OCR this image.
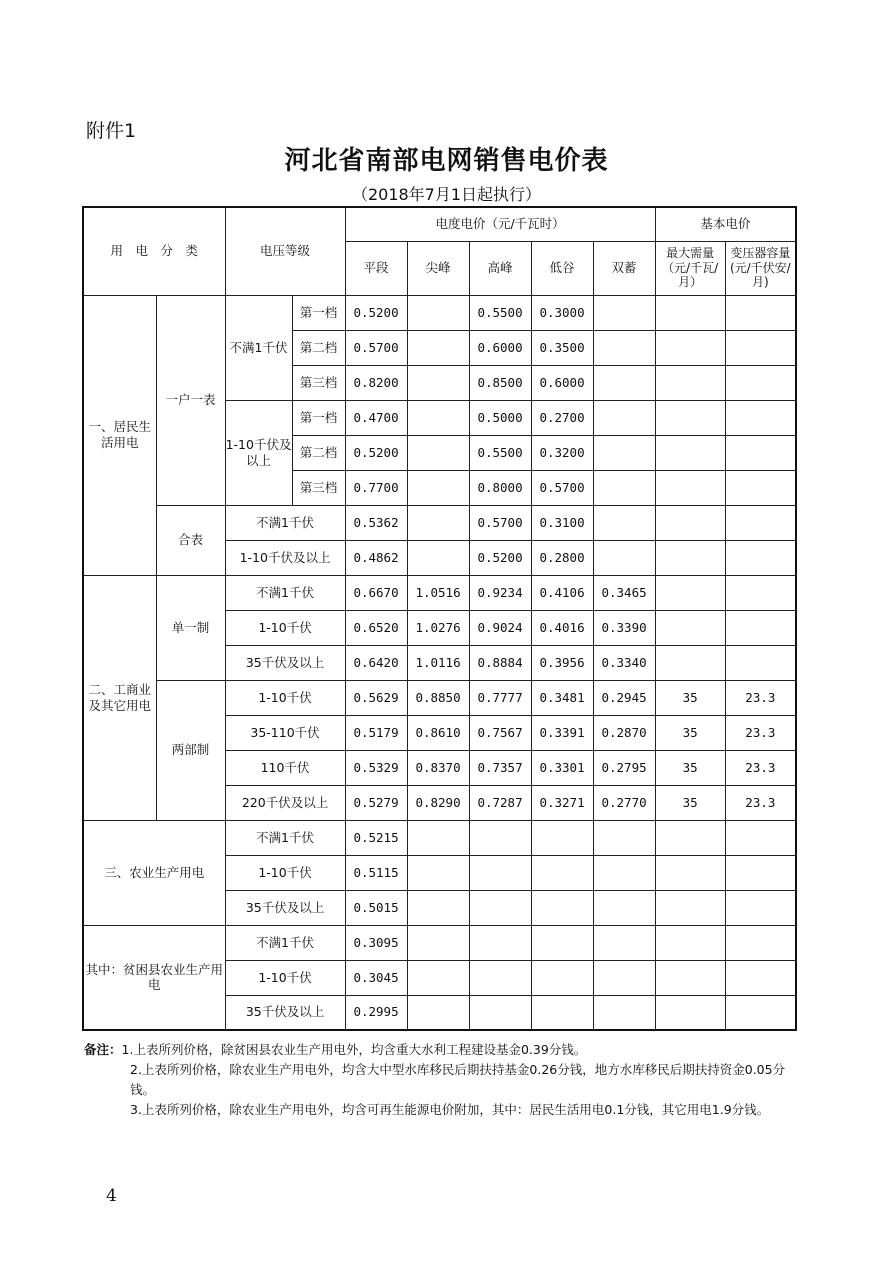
附件1
河北省南部电网销售电价表
（2018年7月1日起执行）
用　电　分　类		电压等级		电度电价（元/千瓦时）					基本电价	
				平段	尖峰	高峰	低谷	双蓄	最大需量（元/千瓦/月）	变压器容量(元/千伏安/月)
一、居民生活用电	一户一表	不满1千伏	第一档	0.5200		0.5500	0.3000			
			第二档	0.5700		0.6000	0.3500			
			第三档	0.8200		0.8500	0.6000			
		1-10千伏及以上	第一档	0.4700		0.5000	0.2700			
			第二档	0.5200		0.5500	0.3200			
			第三档	0.7700		0.8000	0.5700			
	合表	不满1千伏		0.5362		0.5700	0.3100			
		1-10千伏及以上		0.4862		0.5200	0.2800			
二、工商业及其它用电	单一制	不满1千伏		0.6670	1.0516	0.9234	0.4106	0.3465		
		1-10千伏		0.6520	1.0276	0.9024	0.4016	0.3390		
		35千伏及以上		0.6420	1.0116	0.8884	0.3956	0.3340		
	两部制	1-10千伏		0.5629	0.8850	0.7777	0.3481	0.2945	35	23.3
		35-110千伏		0.5179	0.8610	0.7567	0.3391	0.2870	35	23.3
		110千伏		0.5329	0.8370	0.7357	0.3301	0.2795	35	23.3
		220千伏及以上		0.5279	0.8290	0.7287	0.3271	0.2770	35	23.3
三、农业生产用电		不满1千伏		0.5215						
		1-10千伏		0.5115						
		35千伏及以上		0.5015						
其中：贫困县农业生产用电		不满1千伏		0.3095						
		1-10千伏		0.3045						
		35千伏及以上		0.2995						

备注：1.上表所列价格，除贫困县农业生产用电外，均含重大水利工程建设基金0.39分钱。

2.上表所列价格，除农业生产用电外，均含大中型水库移民后期扶持基金0.26分钱，地方水库移民后期扶持资金0.05分钱。

3.上表所列价格，除农业生产用电外，均含可再生能源电价附加，其中：居民生活用电0.1分钱，其它用电1.9分钱。

4
